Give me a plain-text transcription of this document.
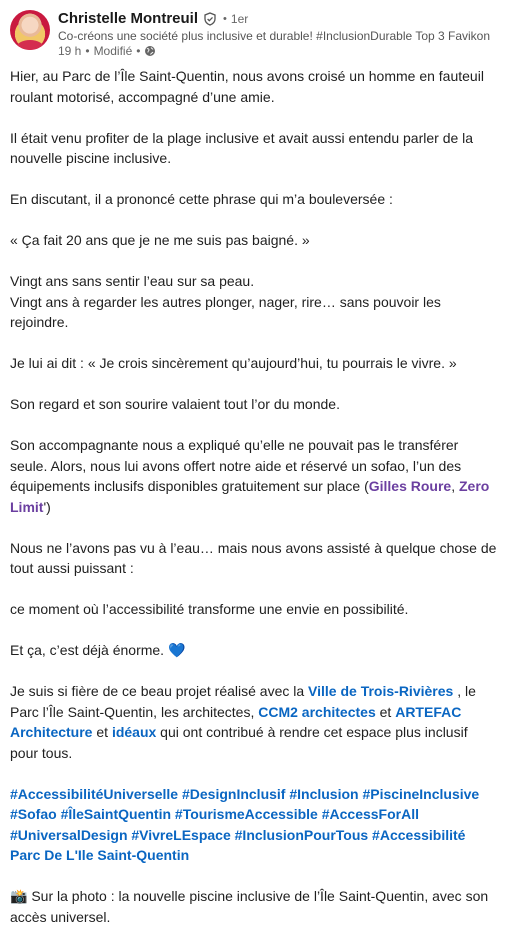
Christelle Montreuil • 1er
Co-créons une société plus inclusive et durable! #InclusionDurable Top 3 Favikon
19 h • Modifié •

Hier, au Parc de l’Île Saint-Quentin, nous avons croisé un homme en fauteuil roulant motorisé, accompagné d’une amie.

Il était venu profiter de la plage inclusive et avait aussi entendu parler de la nouvelle piscine inclusive.

En discutant, il a prononcé cette phrase qui m’a bouleversée :

« Ça fait 20 ans que je ne me suis pas baigné. »

Vingt ans sans sentir l’eau sur sa peau.

Vingt ans à regarder les autres plonger, nager, rire… sans pouvoir les rejoindre.

Je lui ai dit : « Je crois sincèrement qu’aujourd’hui, tu pourrais le vivre. »

Son regard et son sourire valaient tout l’or du monde.

Son accompagnante nous a expliqué qu’elle ne pouvait pas le transférer seule. Alors, nous lui avons offert notre aide et réservé un sofao, l’un des équipements inclusifs disponibles gratuitement sur place (Gilles Roure, Zero Limit')

Nous ne l’avons pas vu à l’eau… mais nous avons assisté à quelque chose de tout aussi puissant :

ce moment où l’accessibilité transforme une envie en possibilité.

Et ça, c’est déjà énorme. 💙

Je suis si fière de ce beau projet réalisé avec la Ville de Trois-Rivières , le Parc l’Île Saint-Quentin, les architectes, CCM2 architectes et ARTEFAC Architecture et idéaux qui ont contribué à rendre cet espace plus inclusif pour tous.

#AccessibilitéUniverselle #DesignInclusif #Inclusion #PiscineInclusive #Sofao #ÎleSaintQuentin #TourismeAccessible #AccessForAll #UniversalDesign #VivreLEspace #InclusionPourTous #Accessibilité Parc De L'Ile Saint-Quentin

📸 Sur la photo : la nouvelle piscine inclusive de l’Île Saint-Quentin, avec son accès universel.
